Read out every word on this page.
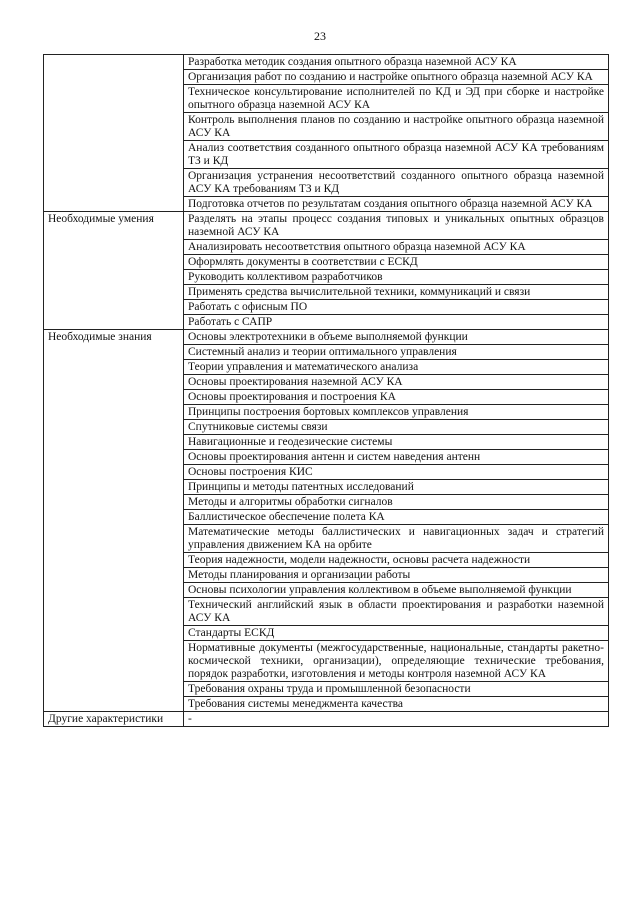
23
	Разработка методик создания опытного образца наземной АСУ КА
	Организация работ по созданию и настройке опытного образца наземной АСУ КА
	Техническое консультирование исполнителей по КД и ЭД при сборке и настройке опытного образца наземной АСУ КА
	Контроль выполнения планов по созданию и настройке опытного образца наземной АСУ КА
	Анализ соответствия созданного опытного образца наземной АСУ КА требованиям ТЗ и КД
	Организация устранения несоответствий созданного опытного образца наземной АСУ КА требованиям ТЗ и КД
	Подготовка отчетов по результатам создания опытного образца наземной АСУ КА
Необходимые умения	Разделять на этапы процесс создания типовых и уникальных опытных образцов наземной АСУ КА
	Анализировать несоответствия опытного образца наземной АСУ КА
	Оформлять документы в соответствии с ЕСКД
	Руководить коллективом разработчиков
	Применять средства вычислительной техники, коммуникаций и связи
	Работать с офисным ПО
	Работать с САПР
Необходимые знания	Основы электротехники в объеме выполняемой функции
	Системный анализ и теории оптимального управления
	Теории управления и математического анализа
	Основы проектирования наземной АСУ КА
	Основы проектирования и построения КА
	Принципы построения бортовых комплексов управления
	Спутниковые системы связи
	Навигационные и геодезические системы
	Основы проектирования антенн и систем наведения антенн
	Основы построения КИС
	Принципы и методы патентных исследований
	Методы и алгоритмы обработки сигналов
	Баллистическое обеспечение полета КА
	Математические методы баллистических и навигационных задач и стратегий управления движением КА на орбите
	Теория надежности, модели надежности, основы расчета надежности
	Методы планирования и организации работы
	Основы психологии управления коллективом в объеме выполняемой функции
	Технический английский язык в области проектирования и разработки наземной АСУ КА
	Стандарты ЕСКД
	Нормативные документы (межгосударственные, национальные, стандарты ракетно-космической техники, организации), определяющие технические требования, порядок разработки, изготовления и методы контроля наземной АСУ КА
	Требования охраны труда и промышленной безопасности
	Требования системы менеджмента качества
Другие характеристики	-
